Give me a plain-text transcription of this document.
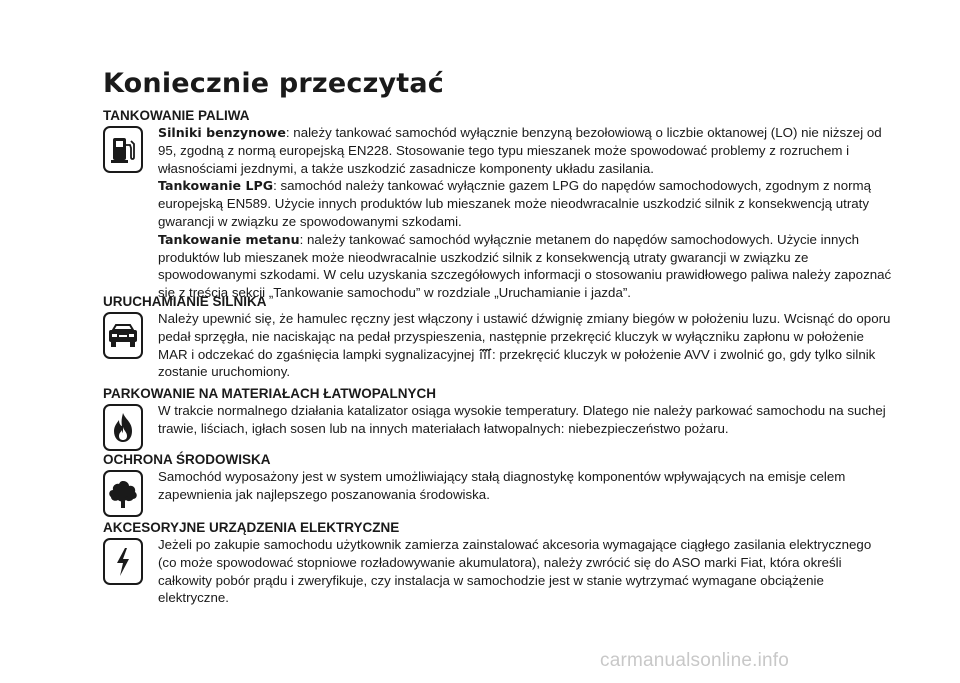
Koniecznie przeczytać
TANKOWANIE PALIWA

Silniki benzynowe: należy tankować samochód wyłącznie benzyną bezołowiową o liczbie oktanowej (LO) nie niższej od 95, zgodną z normą europejską EN228. Stosowanie tego typu mieszanek może spowodować problemy z rozruchem i własnościami jezdnymi, a także uszkodzić zasadnicze komponenty układu zasilania.

Tankowanie LPG: samochód należy tankować wyłącznie gazem LPG do napędów samochodowych, zgodnym z normą europejską EN589. Użycie innych produktów lub mieszanek może nieodwracalnie uszkodzić silnik z konsekwencją utraty gwarancji w związku ze spowodowanymi szkodami.

Tankowanie metanu: należy tankować samochód wyłącznie metanem do napędów samochodowych. Użycie innych produktów lub mieszanek może nieodwracalnie uszkodzić silnik z konsekwencją utraty gwarancji w związku ze spowodowanymi szkodami. W celu uzyskania szczegółowych informacji o stosowaniu prawidłowego paliwa należy zapoznać się z treścią sekcji „Tankowanie samochodu” w rozdziale „Uruchamianie i jazda”.

URUCHAMIANIE SILNIKA

Należy upewnić się, że hamulec ręczny jest włączony i ustawić dźwignię zmiany biegów w położeniu luzu. Wcisnąć do oporu pedał sprzęgła, nie naciskając na pedał przyspieszenia, następnie przekręcić kluczyk w wyłączniku zapłonu w położenie MAR i odczekać do zgaśnięcia lampki sygnalizacyjnej : przekręcić kluczyk w położenie AVV i zwolnić go, gdy tylko silnik zostanie uruchomiony.

PARKOWANIE NA MATERIAŁACH ŁATWOPALNYCH

W trakcie normalnego działania katalizator osiąga wysokie temperatury. Dlatego nie należy parkować samochodu na suchej trawie, liściach, igłach sosen lub na innych materiałach łatwopalnych: niebezpieczeństwo pożaru.

OCHRONA ŚRODOWISKA

Samochód wyposażony jest w system umożliwiający stałą diagnostykę komponentów wpływających na emisje celem zapewnienia jak najlepszego poszanowania środowiska.

AKCESORYJNE URZĄDZENIA ELEKTRYCZNE

Jeżeli po zakupie samochodu użytkownik zamierza zainstalować akcesoria wymagające ciągłego zasilania elektrycznego (co może spowodować stopniowe rozładowywanie akumulatora), należy zwrócić się do ASO marki Fiat, która określi całkowity pobór prądu i zweryfikuje, czy instalacja w samochodzie jest w stanie wytrzymać wymagane obciążenie elektryczne.

carmanualsonline.info
